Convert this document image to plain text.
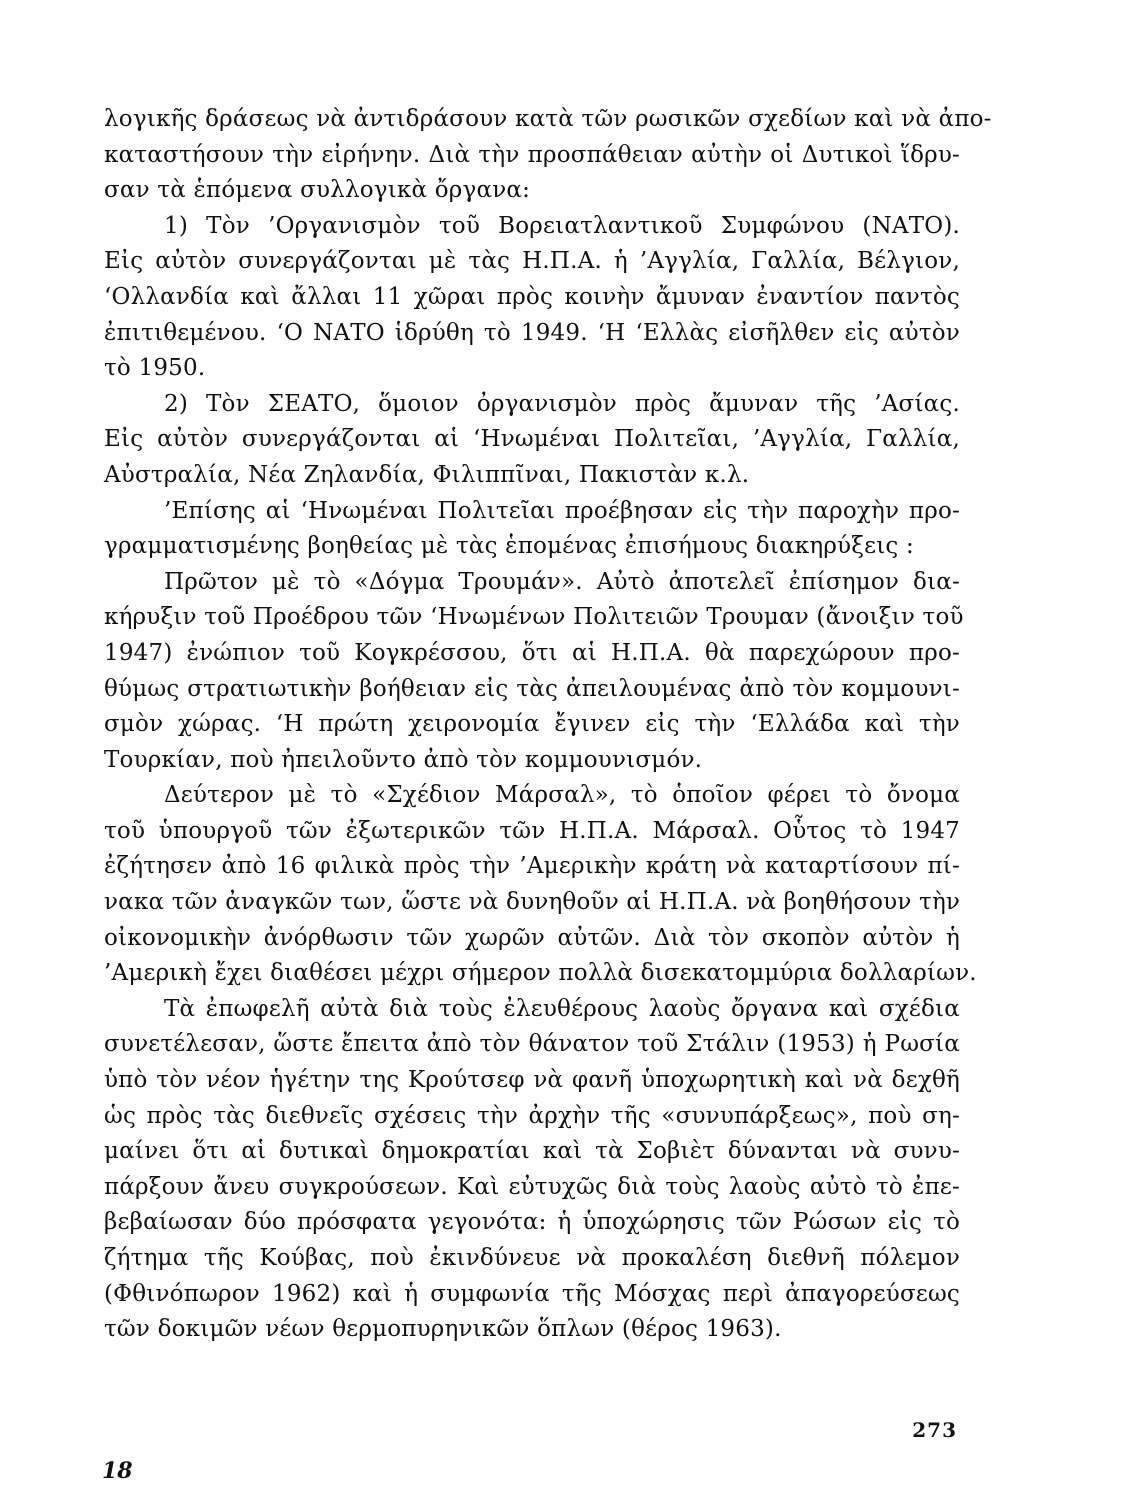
λογικῆς δράσεως νὰ ἀντιδράσουν κατὰ τῶν ρωσικῶν σχεδίων καὶ νὰ ἀπο-
καταστήσουν τὴν εἰρήνην. Διὰ τὴν προσπάθειαν αὐτὴν οἱ Δυτικοὶ ἵδρυ-
σαν τὰ ἑπόμενα συλλογικὰ ὄργανα:
1) Τὸν ’Οργανισμὸν τοῦ Βορειατλαντικοῦ Συμφώνου (ΝΑΤΟ).
Εἰς αὐτὸν συνεργάζονται μὲ τὰς Η.Π.Α. ἡ ’Αγγλία, Γαλλία, Βέλγιον,
‘Ολλανδία καὶ ἄλλαι 11 χῶραι πρὸς κοινὴν ἄμυναν ἐναντίον παντὸς
ἐπιτιθεμένου. ‘Ο ΝΑΤΟ ἱδρύθη τὸ 1949. ‘Η ‘Ελλὰς εἰσῆλθεν εἰς αὐτὸν
τὸ 1950.
2) Τὸν ΣΕΑΤΟ, ὅμοιον ὀργανισμὸν πρὸς ἄμυναν τῆς ’Ασίας.
Εἰς αὐτὸν συνεργάζονται αἱ ‘Ηνωμέναι Πολιτεῖαι, ’Αγγλία, Γαλλία,
Αὐστραλία, Νέα Ζηλανδία, Φιλιππῖναι, Πακιστὰν κ.λ.
’Επίσης αἱ ‘Ηνωμέναι Πολιτεῖαι προέβησαν εἰς τὴν παροχὴν προ-
γραμματισμένης βοηθείας μὲ τὰς ἑπομένας ἐπισήμους διακηρύξεις :
Πρῶτον μὲ τὸ «Δόγμα Τρουμάν». Αὐτὸ ἀποτελεῖ ἐπίσημον δια-
κήρυξιν τοῦ Προέδρου τῶν ‘Ηνωμένων Πολιτειῶν Τρουμαν (ἄνοιξιν τοῦ
1947) ἐνώπιον τοῦ Κογκρέσσου, ὅτι αἱ Η.Π.Α. θὰ παρεχώρουν προ-
θύμως στρατιωτικὴν βοήθειαν εἰς τὰς ἀπειλουμένας ἀπὸ τὸν κομμουνι-
σμὸν χώρας. ‘Η πρώτη χειρονομία ἔγινεν εἰς τὴν ‘Ελλάδα καὶ τὴν
Τουρκίαν, ποὺ ἠπειλοῦντο ἀπὸ τὸν κομμουνισμόν.
Δεύτερον μὲ τὸ «Σχέδιον Μάρσαλ», τὸ ὁποῖον φέρει τὸ ὄνομα
τοῦ ὑπουργοῦ τῶν ἐξωτερικῶν τῶν Η.Π.Α. Μάρσαλ. Οὗτος τὸ 1947
ἐζήτησεν ἀπὸ 16 φιλικὰ πρὸς τὴν ’Αμερικὴν κράτη νὰ καταρτίσουν πί-
νακα τῶν ἀναγκῶν των, ὥστε νὰ δυνηθοῦν αἱ Η.Π.Α. νὰ βοηθήσουν τὴν
οἰκονομικὴν ἀνόρθωσιν τῶν χωρῶν αὐτῶν. Διὰ τὸν σκοπὸν αὐτὸν ἡ
’Αμερικὴ ἔχει διαθέσει μέχρι σήμερον πολλὰ δισεκατομμύρια δολλαρίων.
Τὰ ἐπωφελῆ αὐτὰ διὰ τοὺς ἐλευθέρους λαοὺς ὄργανα καὶ σχέδια
συνετέλεσαν, ὥστε ἔπειτα ἀπὸ τὸν θάνατον τοῦ Στάλιν (1953) ἡ Ρωσία
ὑπὸ τὸν νέον ἡγέτην της Κρούτσεφ νὰ φανῆ ὑποχωρητικὴ καὶ νὰ δεχθῆ
ὡς πρὸς τὰς διεθνεῖς σχέσεις τὴν ἀρχὴν τῆς «συνυπάρξεως», ποὺ ση-
μαίνει ὅτι αἱ δυτικαὶ δημοκρατίαι καὶ τὰ Σοβιὲτ δύνανται νὰ συνυ-
πάρξουν ἄνευ συγκρούσεων. Καὶ εὐτυχῶς διὰ τοὺς λαοὺς αὐτὸ τὸ ἐπε-
βεβαίωσαν δύο πρόσφατα γεγονότα: ἡ ὑποχώρησις τῶν Ρώσων εἰς τὸ
ζήτημα τῆς Κούβας, ποὺ ἐκινδύνευε νὰ προκαλέση διεθνῆ πόλεμον
(Φθινόπωρον 1962) καὶ ἡ συμφωνία τῆς Μόσχας περὶ ἀπαγορεύσεως
τῶν δοκιμῶν νέων θερμοπυρηνικῶν ὅπλων (θέρος 1963).
273
18
